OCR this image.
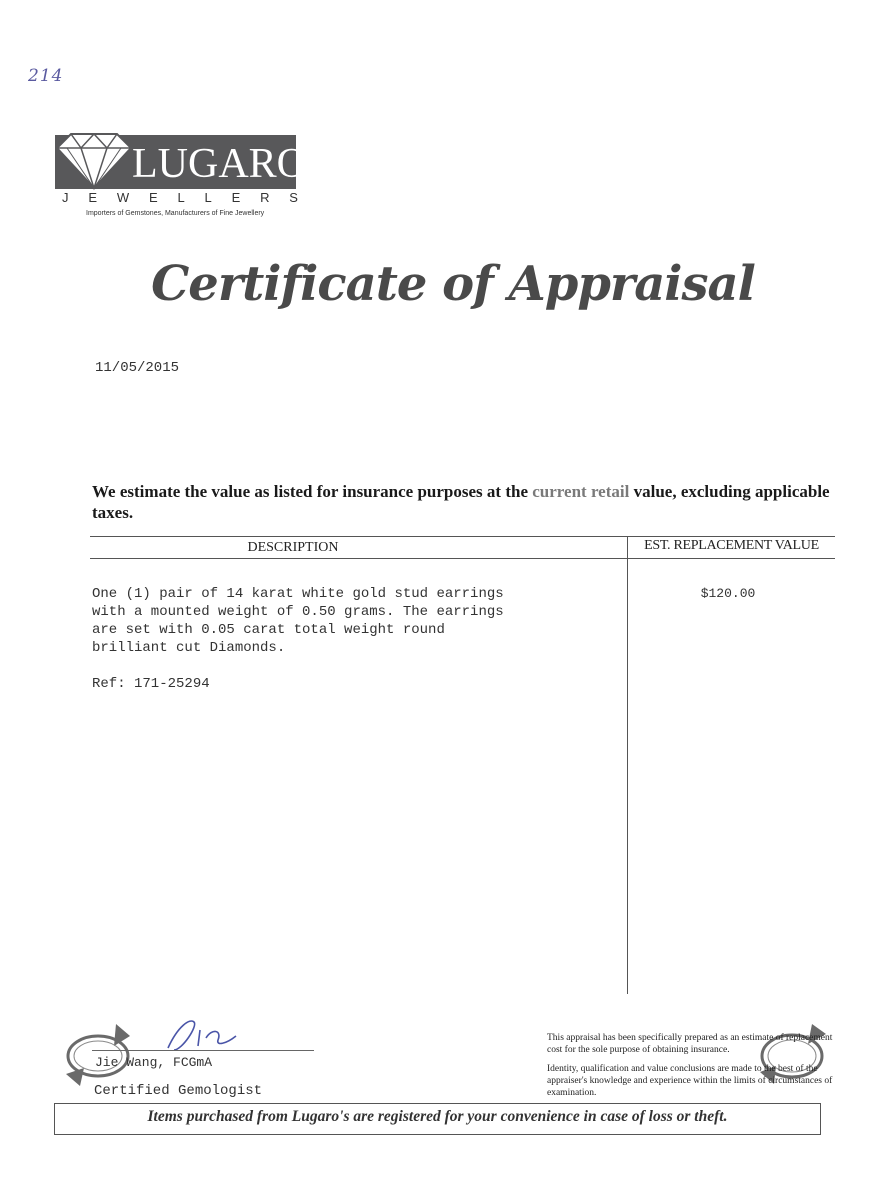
214
LUGARO
J E W E L L E R S
Importers of Gemstones, Manufacturers of Fine Jewellery
Certificate of Appraisal
11/05/2015
We estimate the value as listed for insurance purposes at the current retail value, excluding applicable taxes.
DESCRIPTION	EST. REPLACEMENT VALUE
One (1) pair of 14 karat white gold stud earrings
with a mounted weight of 0.50 grams. The earrings
are set with 0.05 carat total weight round
brilliant cut Diamonds.
Ref: 171-25294
$120.00
Jie Wang, FCGmA
Certified Gemologist

This appraisal has been specifically prepared as an estimate of replacement cost for the sole purpose of obtaining insurance.

Identity, qualification and value conclusions are made to the best of the appraiser's knowledge and experience within the limits of circumstances of examination.

Items purchased from Lugaro's are registered for your convenience in case of loss or theft.
